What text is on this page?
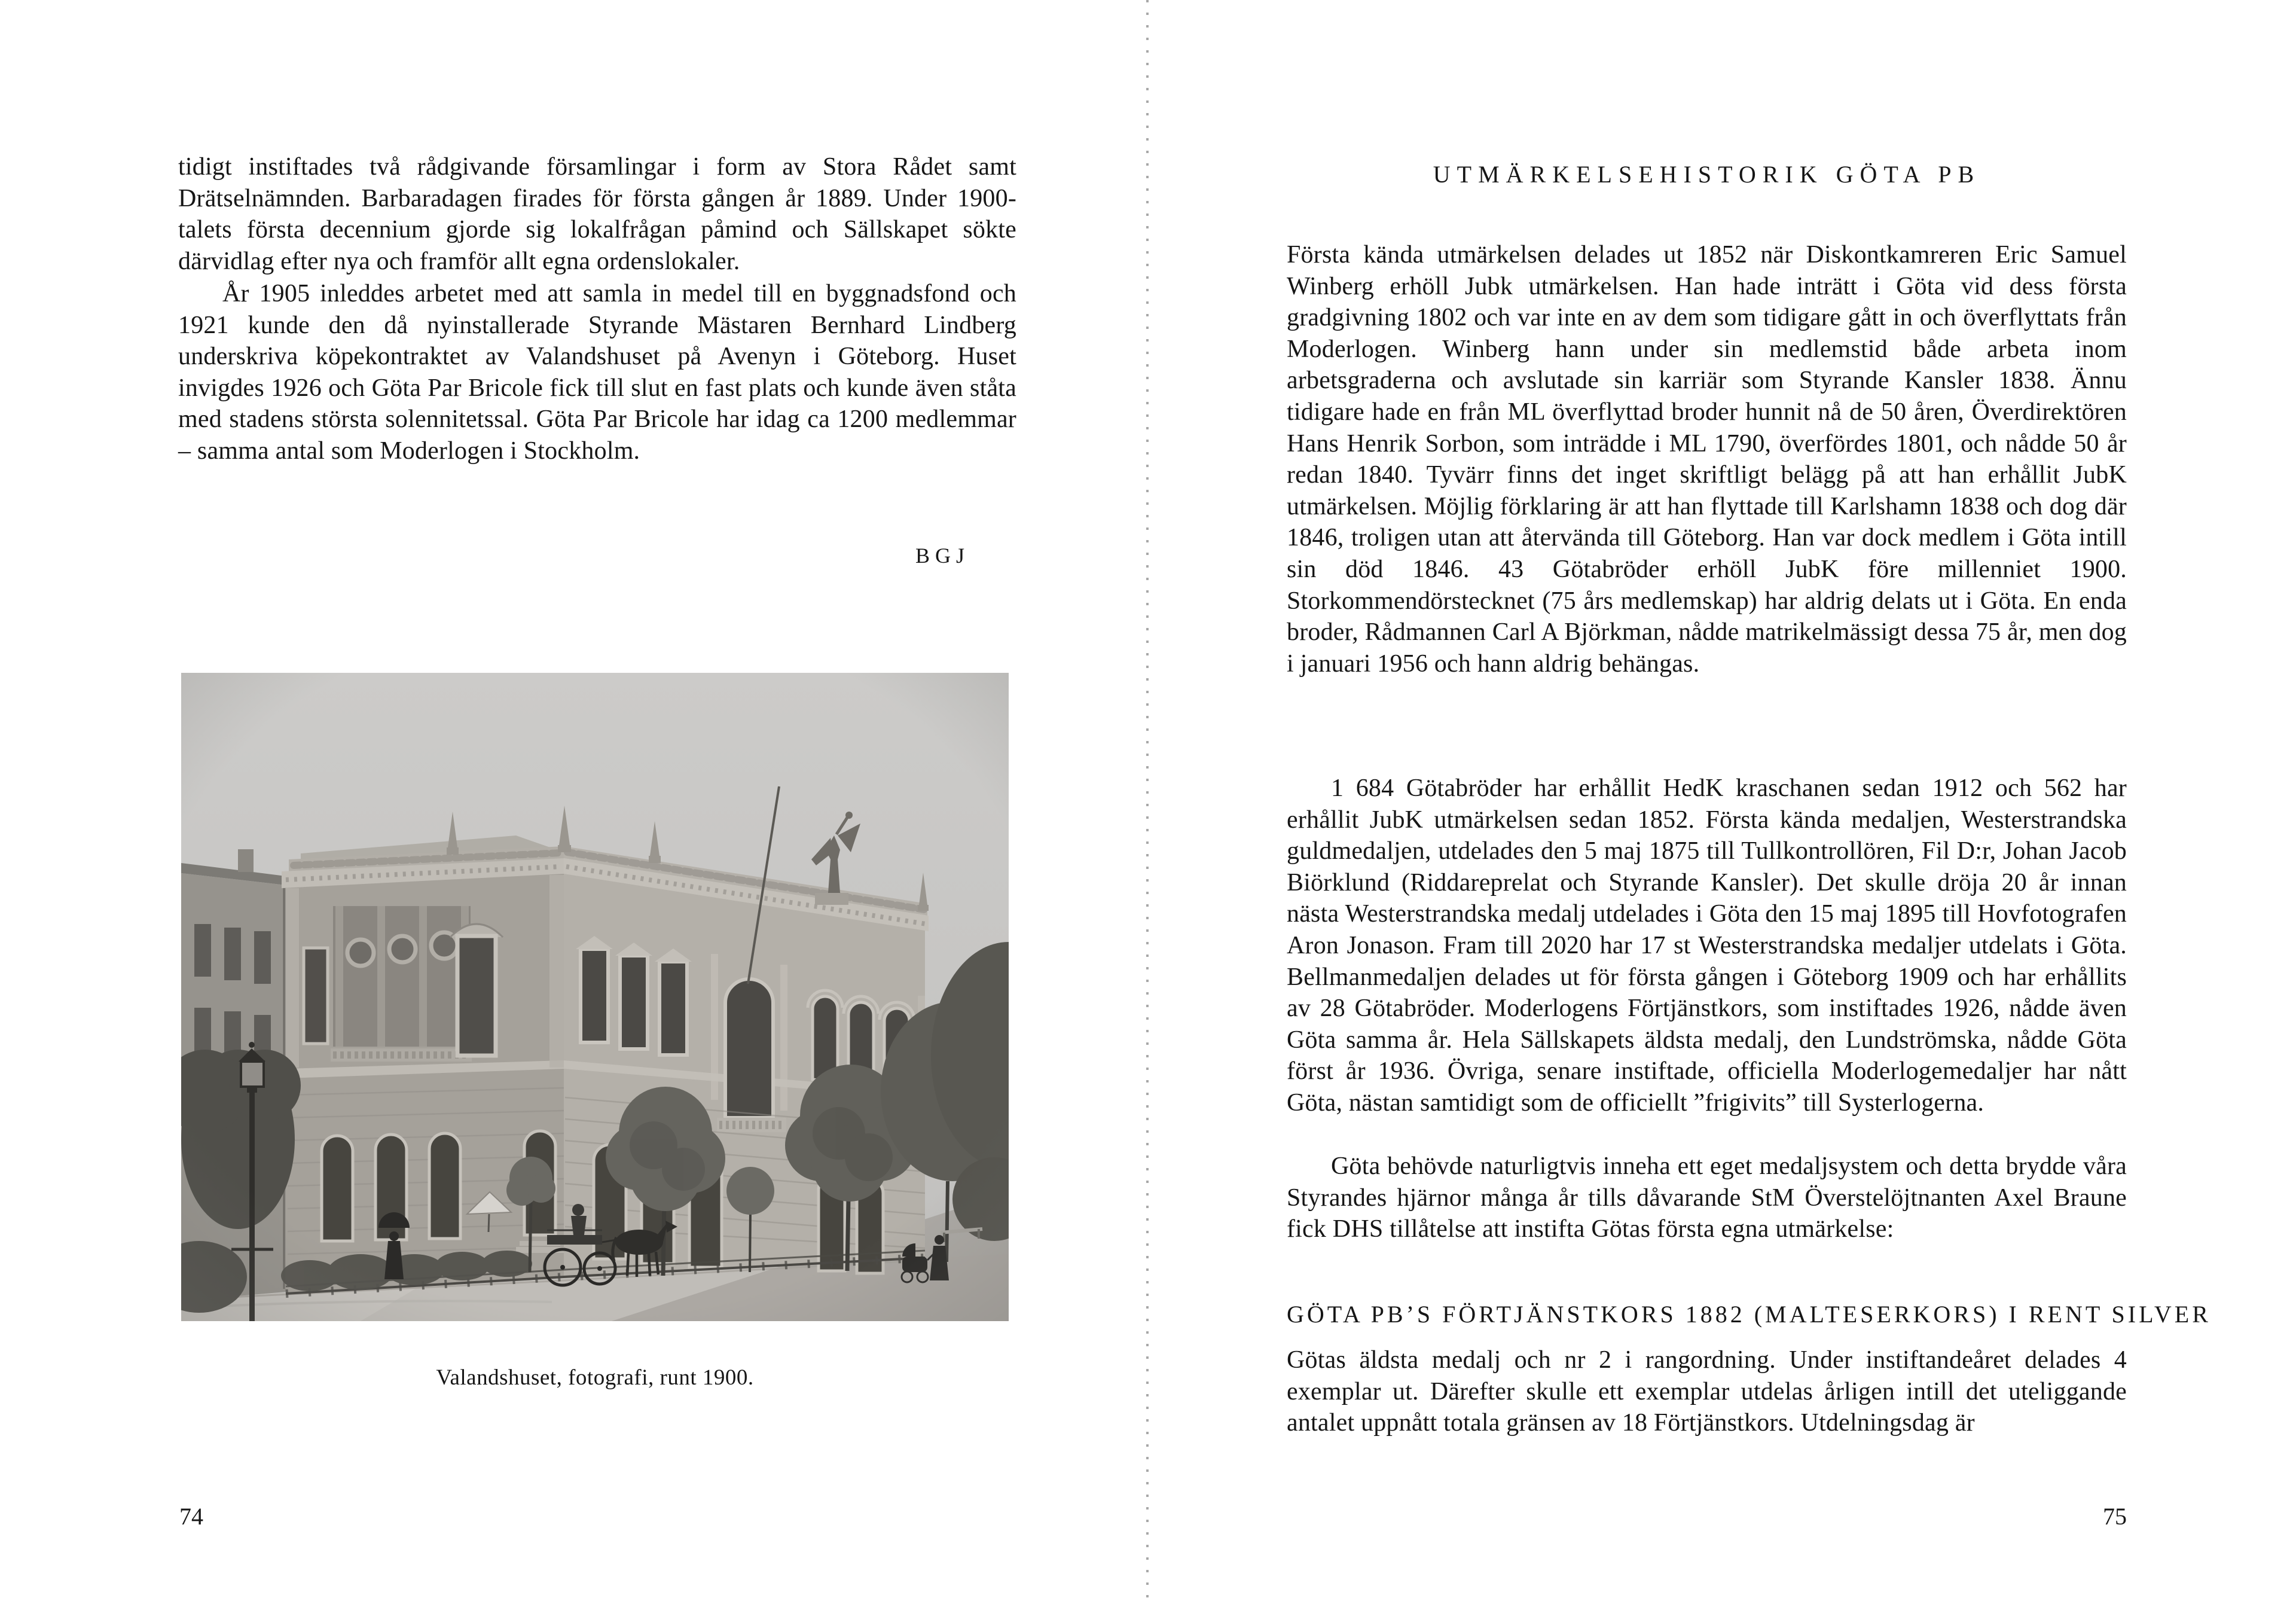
tidigt instiftades två rådgivande församlingar i form av Stora Rådet samt Drätselnämnden. Barbaradagen firades för första gången år 1889. Under 1900-talets första decennium gjorde sig lokalfrågan påmind och Sällskapet sökte därvidlag efter nya och framför allt egna ordenslokaler.

År 1905 inleddes arbetet med att samla in medel till en byggnadsfond och 1921 kunde den då nyinstallerade Styrande Mästaren Bernhard Lindberg underskriva köpekontraktet av Valandshuset på Avenyn i Göteborg. Huset invigdes 1926 och Göta Par Bricole fick till slut en fast plats och kunde även ståta med stadens största solennitetssal. Göta Par Bricole har idag ca 1200 medlemmar – samma antal som Moderlogen i Stockholm.

BGJ
Valandshuset, fotografi, runt 1900.
74
UTMÄRKELSEHISTORIK GÖTA PB
Första kända utmärkelsen delades ut 1852 när Diskontkamreren Eric Samuel Winberg erhöll Jubk utmärkelsen. Han hade inträtt i Göta vid dess första gradgivning 1802 och var inte en av dem som tidigare gått in och överflyttats från Moderlogen. Winberg hann under sin medlemstid både arbeta inom arbetsgraderna och avslutade sin karriär som Styrande Kansler 1838. Ännu tidigare hade en från ML överflyttad broder hunnit nå de 50 åren, Överdirektören Hans Henrik Sorbon, som inträdde i ML 1790, överfördes 1801, och nådde 50 år redan 1840. Tyvärr finns det inget skriftligt belägg på att han erhållit JubK utmärkelsen. Möjlig förklaring är att han flyttade till Karlshamn 1838 och dog där 1846, troligen utan att återvända till Göteborg. Han var dock medlem i Göta intill sin död 1846. 43 Götabröder erhöll JubK före millenniet 1900. Storkommendörstecknet (75 års medlemskap) har aldrig delats ut i Göta. En enda broder, Rådmannen Carl A Björkman, nådde matrikelmässigt dessa 75 år, men dog i januari 1956 och hann aldrig behängas.
1 684 Götabröder har erhållit HedK kraschanen sedan 1912 och 562 har erhållit JubK utmärkelsen sedan 1852. Första kända medaljen, Westerstrandska guldmedaljen, utdelades den 5 maj 1875 till Tullkontrollören, Fil D:r, Johan Jacob Biörklund (Riddareprelat och Styrande Kansler). Det skulle dröja 20 år innan nästa Westerstrandska medalj utdelades i Göta den 15 maj 1895 till Hovfotografen Aron Jonason. Fram till 2020 har 17 st Westerstrandska medaljer utdelats i Göta. Bellmanmedaljen delades ut för första gången i Göteborg 1909 och har erhållits av 28 Götabröder. Moderlogens Förtjänstkors, som instiftades 1926, nådde även Göta samma år. Hela Sällskapets äldsta medalj, den Lundströmska, nådde Göta först år 1936. Övriga, senare instiftade, officiella Moderlogemedaljer har nått Göta, nästan samtidigt som de officiellt ”frigivits” till Systerlogerna.
Göta behövde naturligtvis inneha ett eget medaljsystem och detta brydde våra Styrandes hjärnor många år tills dåvarande StM Överstelöjtnanten Axel Braune fick DHS tillåtelse att instifta Götas första egna utmärkelse:
GÖTA PB’S FÖRTJÄNSTKORS 1882 (MALTESERKORS) I RENT SILVER
Götas äldsta medalj och nr 2 i rangordning. Under instiftandeåret delades 4 exemplar ut. Därefter skulle ett exemplar utdelas årligen intill det uteliggande antalet uppnått totala gränsen av 18 Förtjänstkors. Utdelningsdag är
75
